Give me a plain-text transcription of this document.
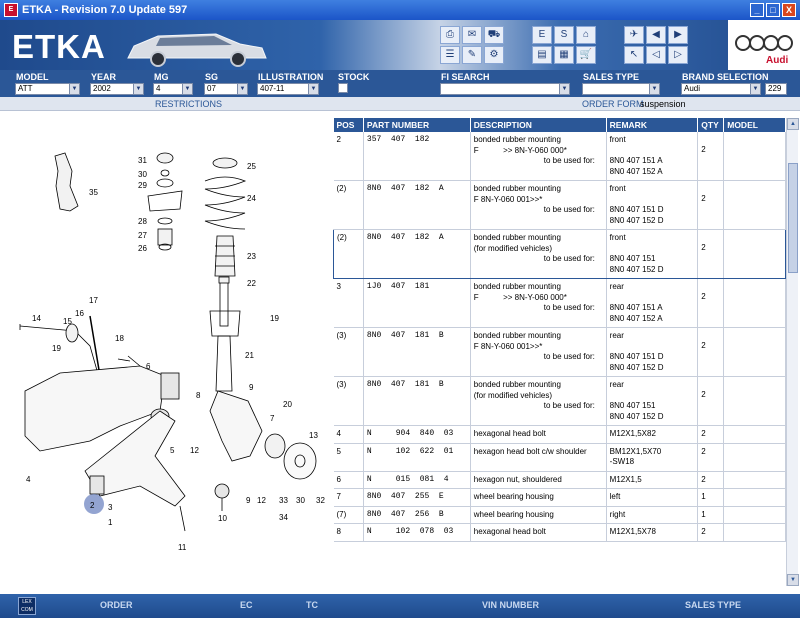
E ETKA - Revision 7.0 Update 597	_	□	X
ETKA	⎙	✉	⛟
☰	✎	⚙
E	S	⌂
▤	▦	🛒
✈	◀	▶
↖	◁	▷
Audi
MODEL
ATT	▼
YEAR
2002	▼
MG
4	▼
SG
07	▼
ILLUSTRATION
407-11	▼
STOCK	FI SEARCH
▼
SALES TYPE
▼
BRAND SELECTION
Audi	▼	229
RESTRICTIONS	ORDER FORM
suspension
35
31
30
29
28
27
26
25
24
23
22
21
19
17
16
15
14
18
19
6
8
9
20
7
13
12
5
4
2 3
1
11
10
9 12 33 30 32
34
POS	PART NUMBER	DESCRIPTION	REMARK	QTY	MODEL
2	357  407  182	bonded rubber mounting
F           >> 8N-Y-060 000*
to be used for:	front
8N0 407 151 A
8N0 407 152 A	2	
(2)	8N0  407  182  A	bonded rubber mounting
F 8N-Y-060 001>>*
to be used for:	front
8N0 407 151 D
8N0 407 152 D	2	
(2)	8N0  407  182  A	bonded rubber mounting
(for modified vehicles)
to be used for:	front
8N0 407 151
8N0 407 152 D	2	
3	1J0  407  181	bonded rubber mounting
F           >> 8N-Y-060 000*
to be used for:	rear
8N0 407 151 A
8N0 407 152 A	2	
(3)	8N0  407  181  B	bonded rubber mounting
F 8N-Y-060 001>>*
to be used for:	rear
8N0 407 151 D
8N0 407 152 D	2	
(3)	8N0  407  181  B	bonded rubber mounting
(for modified vehicles)
to be used for:	rear
8N0 407 151
8N0 407 152 D	2	
4	N     904  840  03	hexagonal head bolt	M12X1,5X82	2	
5	N     102  622  01	hexagon head bolt c/w shoulder	BM12X1,5X70
-SW18	2	
6	N     015  081  4	hexagon nut, shouldered	M12X1,5	2	
7	8N0  407  255  E	wheel bearing housing	left	1	
(7)	8N0  407  256  B	wheel bearing housing	right	1	
8	N     102  078  03	hexagonal head bolt	M12X1,5X78	2	
▲
▼
LEX COM	ORDER	EC	TC	VIN NUMBER	SALES TYPE
